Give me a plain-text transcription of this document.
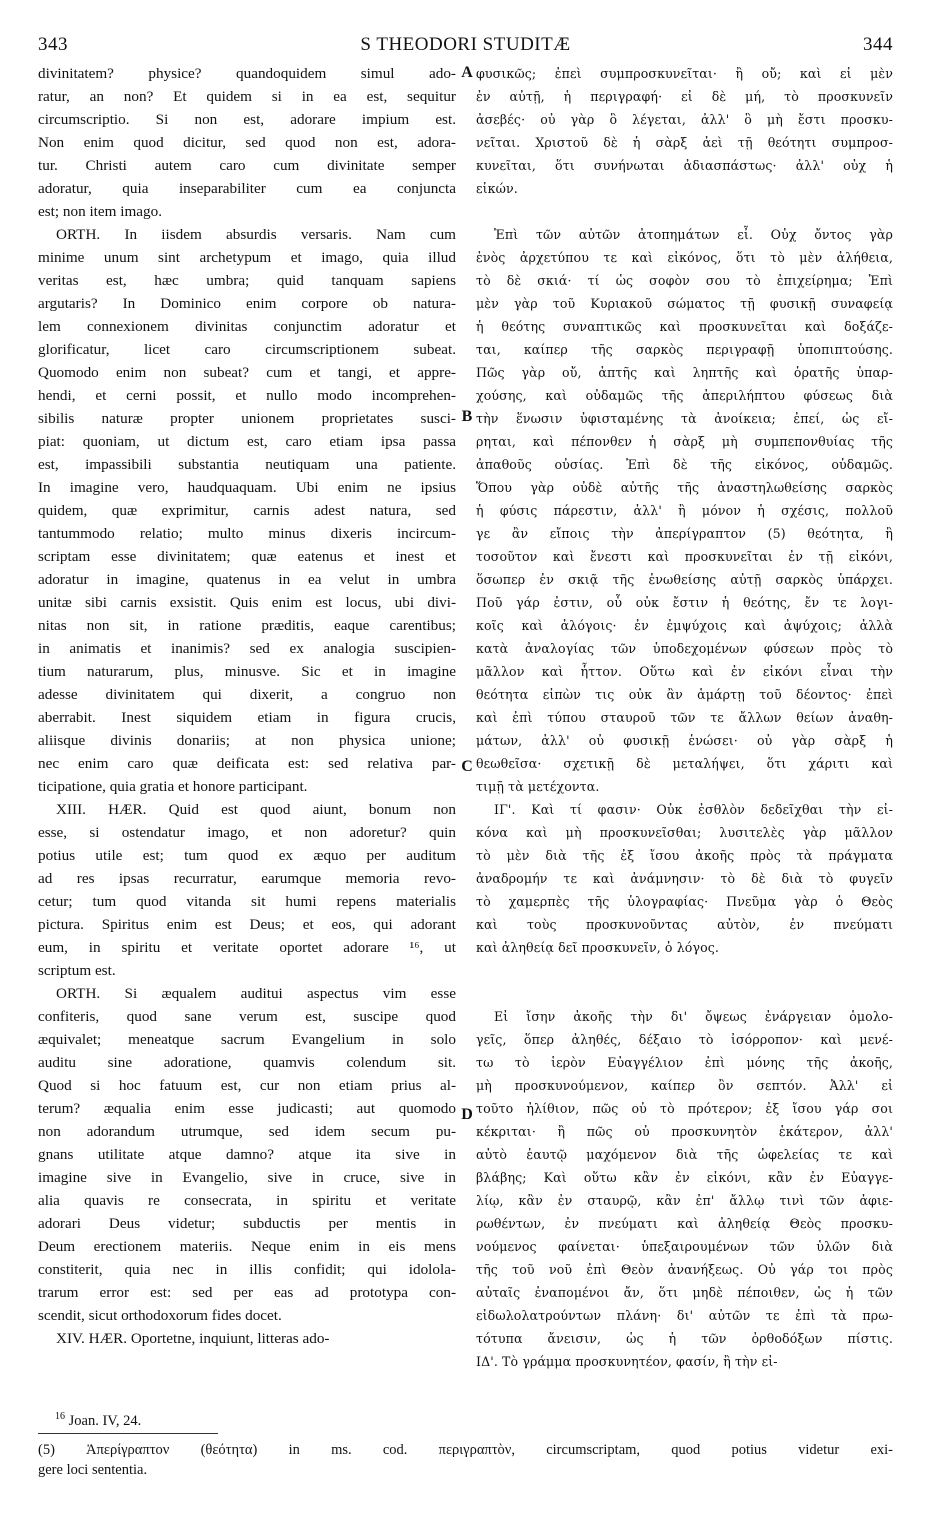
343	S THEODORI STUDITÆ	344
divinitatem? physice? quandoquidem simul ado-
ratur, an non? Et quidem si in ea est, sequitur
circumscriptio. Si non est, adorare impium est.
Non enim quod dicitur, sed quod non est, adora-
tur. Christi autem caro cum divinitate semper
adoratur, quia inseparabiliter cum ea conjuncta
est; non item imago.
ORTH. In iisdem absurdis versaris. Nam cum
minime unum sint archetypum et imago, quia illud
veritas est, hæc umbra; quid tanquam sapiens
argutaris? In Dominico enim corpore ob natura-
lem connexionem divinitas conjunctim adoratur et
glorificatur, licet caro circumscriptionem subeat.
Quomodo enim non subeat? cum et tangi, et appre-
hendi, et cerni possit, et nullo modo incomprehen-
sibilis naturæ propter unionem proprietates susci-
piat: quoniam, ut dictum est, caro etiam ipsa passa
est, impassibili substantia neutiquam una patiente.
In imagine vero, haudquaquam. Ubi enim ne ipsius
quidem, quæ exprimitur, carnis adest natura, sed
tantummodo relatio; multo minus dixeris incircum-
scriptam esse divinitatem; quæ eatenus et inest et
adoratur in imagine, quatenus in ea velut in umbra
unitæ sibi carnis exsistit. Quis enim est locus, ubi divi-
nitas non sit, in ratione præditis, eaque carentibus;
in animatis et inanimis? sed ex analogia suscipien-
tium naturarum, plus, minusve. Sic et in imagine
adesse divinitatem qui dixerit, a congruo non
aberrabit. Inest siquidem etiam in figura crucis,
aliisque divinis donariis; at non physica unione;
nec enim caro quæ deificata est: sed relativa par-
ticipatione, quia gratia et honore participant.
XIII. HÆR. Quid est quod aiunt, bonum non
esse, si ostendatur imago, et non adoretur? quin
potius utile est; tum quod ex æquo per auditum
ad res ipsas recurratur, earumque memoria revo-
cetur; tum quod vitanda sit humi repens materialis
pictura. Spiritus enim est Deus; et eos, qui adorant
eum, in spiritu et veritate oportet adorare ¹⁶, ut
scriptum est.
ORTH. Si æqualem auditui aspectus vim esse
confiteris, quod sane verum est, suscipe quod
æquivalet; meneatque sacrum Evangelium in solo
auditu sine adoratione, quamvis colendum sit.
Quod si hoc fatuum est, cur non etiam prius al-
terum? æqualia enim esse judicasti; aut quomodo
non adorandum utrumque, sed idem secum pu-
gnans utilitate atque damno? atque ita sive in
imagine sive in Evangelio, sive in cruce, sive in
alia quavis re consecrata, in spiritu et veritate
adorari Deus videtur; subductis per mentis in
Deum erectionem materiis. Neque enim in eis mens
constiterit, quia nec in illis confidit; qui idolola-
trarum error est: sed per eas ad prototypa con-
scendit, sicut orthodoxorum fides docet.
XIV. HÆR. Oportetne, inquiunt, litteras ado-
φυσικῶς; ἐπεὶ συμπροσκυνεῖται· ἢ οὔ; καὶ εἰ μὲν
ἐν αὐτῇ, ἡ περιγραφή· εἰ δὲ μή, τὸ προσκυνεῖν
ἀσεβές· οὐ γὰρ ὃ λέγεται, ἀλλ' ὃ μὴ ἔστι προσκυ-
νεῖται. Χριστοῦ δὲ ἡ σὰρξ ἀεὶ τῇ θεότητι συμπροσ-
κυνεῖται, ὅτι συνήνωται ἀδιασπάστως· ἀλλ' οὐχ ἡ
εἰκών.
Ἐπὶ τῶν αὐτῶν ἀτοπημάτων εἶ. Οὐχ ὄντος γὰρ
ἑνὸς ἀρχετύπου τε καὶ εἰκόνος, ὅτι τὸ μὲν ἀλήθεια,
τὸ δὲ σκιά· τί ὡς σοφὸν σου τὸ ἐπιχείρημα; Ἐπὶ
μὲν γὰρ τοῦ Κυριακοῦ σώματος τῇ φυσικῇ συναφείᾳ
ἡ θεότης συναπτικῶς καὶ προσκυνεῖται καὶ δοξάζε-
ται, καίπερ τῆς σαρκὸς περιγραφῇ ὑποπιπτούσης.
Πῶς γὰρ οὔ, ἁπτῆς καὶ ληπτῆς καὶ ὁρατῆς ὑπαρ-
χούσης, καὶ οὐδαμῶς τῆς ἀπεριλήπτου φύσεως διὰ
τὴν ἕνωσιν ὑφισταμένης τὰ ἀνοίκεια; ἐπεί, ὡς εἴ-
ρηται, καὶ πέπονθεν ἡ σὰρξ μὴ συμπεπονθυίας τῆς
ἀπαθοῦς οὐσίας. Ἐπὶ δὲ τῆς εἰκόνος, οὐδαμῶς.
Ὅπου γὰρ οὐδὲ αὐτῆς τῆς ἀναστηλωθείσης σαρκὸς
ἡ φύσις πάρεστιν, ἀλλ' ἢ μόνον ἡ σχέσις, πολλοῦ
γε ἂν εἴποις τὴν ἀπερίγραπτον (5) θεότητα, ἣ
τοσοῦτον καὶ ἔνεστι καὶ προσκυνεῖται ἐν τῇ εἰκόνι,
ὅσωπερ ἐν σκιᾷ τῆς ἐνωθείσης αὐτῇ σαρκὸς ὑπάρχει.
Ποῦ γάρ ἐστιν, οὗ οὐκ ἔστιν ἡ θεότης, ἔν τε λογι-
κοῖς καὶ ἀλόγοις· ἐν ἐμψύχοις καὶ ἀψύχοις; ἀλλὰ
κατὰ ἀναλογίας τῶν ὑποδεχομένων φύσεων πρὸς τὸ
μᾶλλον καὶ ἧττον. Οὕτω καὶ ἐν εἰκόνι εἶναι τὴν
θεότητα εἰπὼν τις οὐκ ἂν ἁμάρτῃ τοῦ δέοντος· ἐπεὶ
καὶ ἐπὶ τύπου σταυροῦ τῶν τε ἄλλων θείων ἀναθη-
μάτων, ἀλλ' οὐ φυσικῇ ἑνώσει· οὐ γὰρ σὰρξ ἡ
θεωθεῖσα· σχετικῇ δὲ μεταλήψει, ὅτι χάριτι καὶ
τιμῇ τὰ μετέχοντα.
ΙΓ'. Καὶ τί φασιν· Οὐκ ἐσθλὸν δεδεῖχθαι τὴν εἰ-
κόνα καὶ μὴ προσκυνεῖσθαι; λυσιτελὲς γὰρ μᾶλλον
τὸ μὲν διὰ τῆς ἐξ ἴσου ἀκοῆς πρὸς τὰ πράγματα
ἀναδρομήν τε καὶ ἀνάμνησιν· τὸ δὲ διὰ τὸ φυγεῖν
τὸ χαμερπὲς τῆς ὑλογραφίας· Πνεῦμα γὰρ ὁ Θεὸς
καὶ τοὺς προσκυνοῦντας αὐτὸν, ἐν πνεύματι
καὶ ἀληθείᾳ δεῖ προσκυνεῖν, ὁ λόγος.
Εἰ ἴσην ἀκοῆς τὴν δι' ὄψεως ἐνάργειαν ὁμολο-
γεῖς, ὅπερ ἀληθές, δέξαιο τὸ ἰσόρροπον· καὶ μενέ-
τω τὸ ἱερὸν Εὐαγγέλιον ἐπὶ μόνης τῆς ἀκοῆς,
μὴ προσκυνούμενον, καίπερ ὂν σεπτόν. Ἀλλ' εἰ
τοῦτο ἠλίθιον, πῶς οὐ τὸ πρότερον; ἐξ ἴσου γάρ σοι
κέκριται· ἢ πῶς οὐ προσκυνητὸν ἑκάτερον, ἀλλ'
αὐτὸ ἑαυτῷ μαχόμενον διὰ τῆς ὠφελείας τε καὶ
βλάβης; Καὶ οὕτω κἂν ἐν εἰκόνι, κἂν ἐν Εὐαγγε-
λίῳ, κἂν ἐν σταυρῷ, κἂν ἐπ' ἄλλῳ τινὶ τῶν ἀφιε-
ρωθέντων, ἐν πνεύματι καὶ ἀληθείᾳ Θεὸς προσκυ-
νούμενος φαίνεται· ὑπεξαιρουμένων τῶν ὑλῶν διὰ
τῆς τοῦ νοῦ ἐπὶ Θεὸν ἀνανήξεως. Οὐ γάρ τοι πρὸς
αὐταῖς ἐναπομένοι ἄν, ὅτι μηδὲ πέποιθεν, ὡς ἡ τῶν
εἰδωλολατρούντων πλάνη· δι' αὐτῶν τε ἐπὶ τὰ πρω-
τότυπα ἄνεισιν, ὡς ἡ τῶν ὀρθοδόξων πίστις.
ΙΔ'. Τὸ γράμμα προσκυνητέον, φασίν, ἢ τὴν εἰ-
A
B
C
D
$^{16}$ Joan. IV, 24.
(5) Ἀπερίγραπτον (θεότητα) in ms. cod. περιγραπτὸν, circumscriptam, quod potius videtur exi-
gere loci sententia.
